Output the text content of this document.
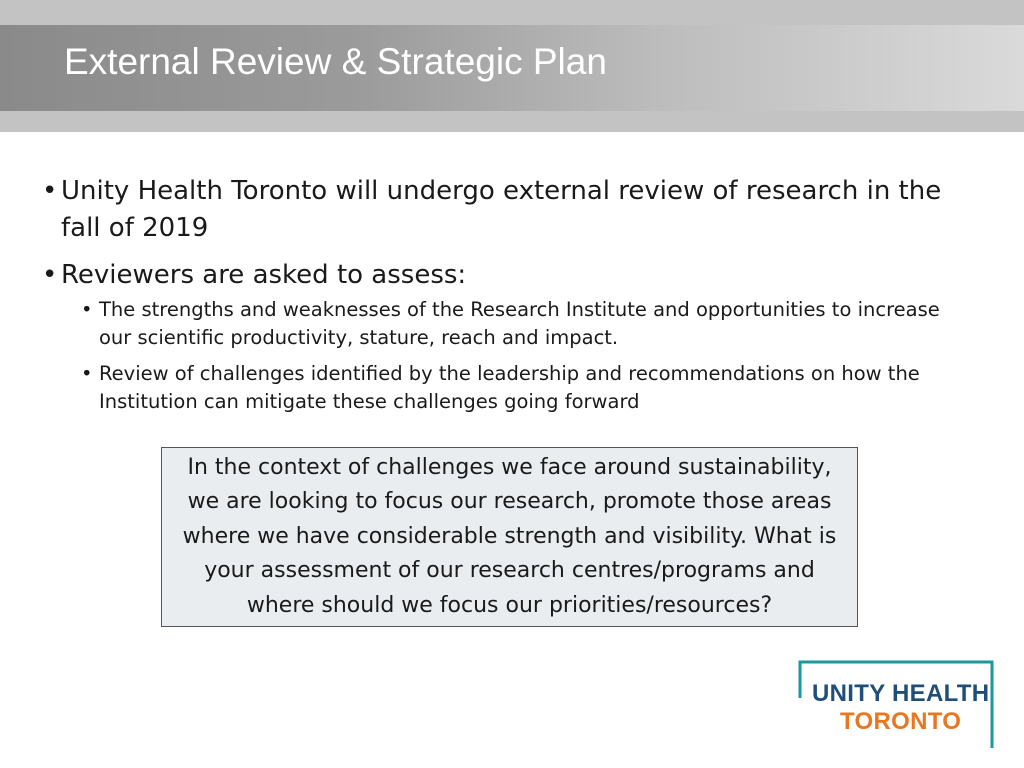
External Review & Strategic Plan
• Unity Health Toronto will undergo external review of research in the fall of 2019
• Reviewers are asked to assess:
• The strengths and weaknesses of the Research Institute and opportunities to increase our scientific productivity, stature, reach and impact.
• Review of challenges identified by the leadership and recommendations on how the Institution can mitigate these challenges going forward

In the context of challenges we face around sustainability, we are looking to focus our research, promote those areas where we have considerable strength and visibility. What is your assessment of our research centres/programs and where should we focus our priorities/resources?

UNITY HEALTH
TORONTO
